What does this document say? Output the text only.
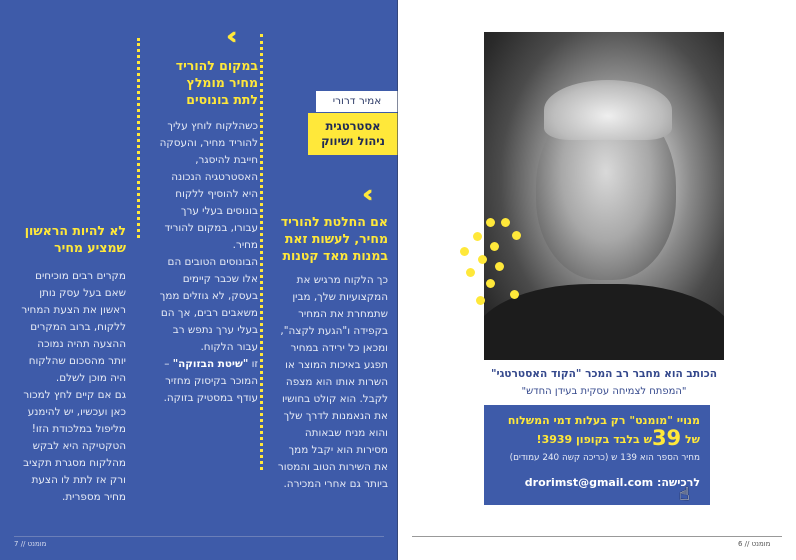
לא להיות הראשון
שמציע מחיר
מקרים רבים מוכיחים
שאם בעל עסק נותן
ראשון את הצעת המחיר
ללקוח, ברוב המקרים
ההצעה תהיה נמוכה
יותר מהסכום שהלקוח
היה מוכן לשלם.
גם אם קיים לחץ למכור
כאן ועכשיו, יש להימנע
מליפול במלכודת הזו!
הטקטיקה היא לבקש
מהלקוח מסגרת תקציב
ורק אז לתת לו הצעת
מחיר מספרית.
‹‹‹
במקום להוריד
מחיר מומלץ
לתת בונוסים
כשהלקוח לוחץ עליך
להוריד מחיר, והעסקה
חייבת להיסגר,
האסטרטגיה הנכונה
היא להוסיף ללקוח
בונוסים בעלי ערך
עבורו, במקום להוריד
מחיר.
הבונוסים הטובים הם
אלו שכבר קיימים
בעסק, לא גוזלים ממך
משאבים רבים, אך הם
בעלי ערך נתפש רב
עבור הלקוח.
זו "שיטת הבזוקה" –
המוכר בקיסוק מחזיר
עודף במסטיק בזוקה.
אמיר דרורי
אסטרטגית
ניהול ושיווק
‹‹‹
אם החלטת להוריד
מחיר, לעשות זאת
במנות מאד קטנות
כך הלקוח מרגיש את
המקצועיות שלך, מבין
שתמחרת את המחיר
בקפידה ו"הגעת לקצה",
ומכאן כל ירידה במחיר
תפגע באיכות המוצר או
השרות אותו הוא מצפה
לקבל. הוא קולט בחושיו
את הנאמנות לדרך שלך
והוא מניח שבאותה
מסירות הוא יקבל ממך
את השירות הטוב והמסור
ביותר גם אחרי המכירה.
מומנט // 7
הכותב הוא מחבר רב המכר "הקוד האסטרטגי"
"המפתח לצמיחה עסקית בעידן החדש"
מנויי "מומנט" רק בעלות דמי המשלוח
של 39ש בלבד בקופון 3939!
מחיר הספר הוא 139 ש (כריכה קשה 240 עמודים)
לרכישה: drorimst@gmail.com
☝
6 // מומנט
